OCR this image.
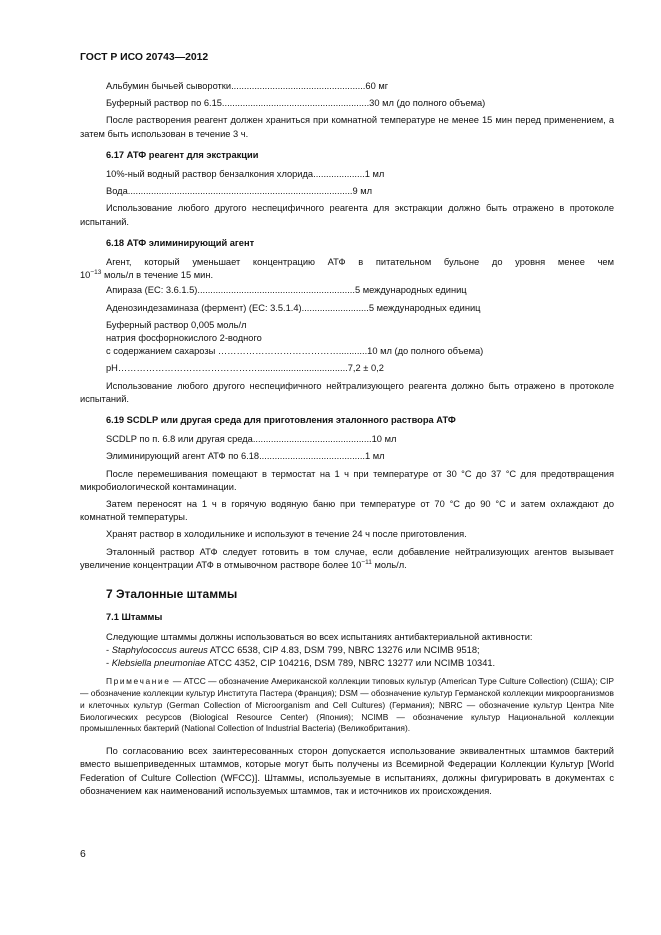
ГОСТ Р ИСО 20743—2012
Альбумин бычьей сыворотки .................................................... 60 мг
Буферный раствор по 6.15 ......................................................... 30 мл (до полного объема)

После растворения реагент должен храниться при комнатной температуре не менее 15 мин перед применением, а затем быть использован в течение 3 ч.

6.17 АТФ реагент для экстракции
10%-ный водный раствор бензалкония хлорида .................... 1 мл
Вода ....................................................................................... 9 мл

Использование любого другого неспецифичного реагента для экстракции должно быть отражено в протоколе испытаний.

6.18 АТФ элиминирующий агент

Агент, который уменьшает концентрацию АТФ в питательном бульоне до уровня менее чем

$10^{-13}$ моль/л в течение 15 мин.

Апираза (EC: 3.6.1.5) ............................................................. 5 международных единиц
Аденозиндезаминаза (фермент) (EC: 3.5.1.4) .......................... 5 международных единиц
Буферный раствор 0,005 моль/л
натрия фосфорнокислого 2-водного
с содержанием сахарозы ………………………………… ........... 10 мл (до полного объема)
pH………………………………………. .................................. 7,2 ± 0,2

Использование любого другого неспецифичного нейтрализующего реагента должно быть отражено в протоколе испытаний.

6.19 SCDLP или другая среда для приготовления эталонного раствора АТФ
SCDLP по п. 6.8 или другая среда .............................................. 10 мл
Элиминирующий агент АТФ по 6.18 ......................................... 1 мл

После перемешивания помещают в термостат на 1 ч при температуре от 30 °С до 37 °С для предотвращения микробиологической контаминации.

Затем переносят на 1 ч в горячую водяную баню при температуре от 70 °С до 90 °С и затем охлаждают до комнатной температуры.

Хранят раствор в холодильнике и используют в течение 24 ч после приготовления.

Эталонный раствор АТФ следует готовить в том случае, если добавление нейтрализующих агентов вызывает увеличение концентрации АТФ в отмывочном растворе более $10^{-11}$ моль/л.

7 Эталонные штаммы
7.1 Штаммы

Следующие штаммы должны использоваться во всех испытаниях антибактериальной активности:

- Staphylococcus aureus ATCC 6538, CIP 4.83, DSM 799, NBRC 13276 или NCIMB 9518;
- Klebsiella pneumoniae ATCC 4352, CIP 104216, DSM 789, NBRC 13277 или NCIMB 10341.

Примечание — ATCC — обозначение Американской коллекции типовых культур (American Type Culture Collection) (США); CIP — обозначение коллекции культур Института Пастера (Франция); DSM — обозначение культур Германской коллекции микроорганизмов и клеточных культур (German Collection of Microorganism and Cell Cultures) (Германия); NBRC — обозначение культур Центра Nite Биологических ресурсов (Biological Resource Center) (Япония); NCIMB — обозначение культур Национальной коллекции промышленных бактерий (National Collection of Industrial Bacteria) (Великобритания).

По согласованию всех заинтересованных сторон допускается использование эквивалентных штаммов бактерий вместо вышеприведенных штаммов, которые могут быть получены из Всемирной Федерации Коллекции Культур [World Federation of Culture Collection (WFCC)]. Штаммы, используемые в испытаниях, должны фигурировать в документах с обозначением как наименований используемых штаммов, так и источников их происхождения.

6
